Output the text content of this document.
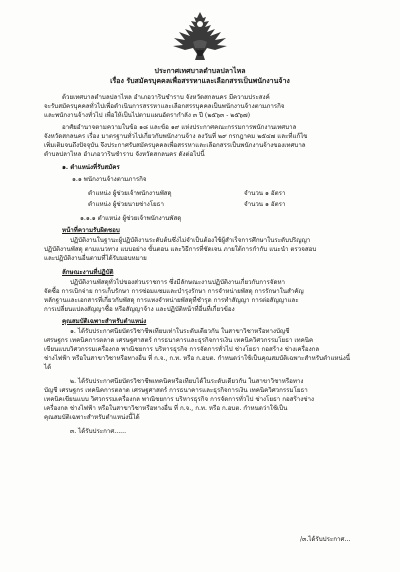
ประกาศเทศบาลตำบลปลาไหล
เรื่อง รับสมัครบุคคลเพื่อสรรหาและเลือกสรรเป็นพนักงานจ้าง
ด้วยเทศบาลตำบลปลาไหล อำเภอวารินชำราบ จังหวัดสกลนคร มีความประสงค์
จะรับสมัครบุคคลทั่วไปเพื่อดำเนินการสรรหาและเลือกสรรบุคคลเป็นพนักงานจ้างตามภารกิจ
และพนักงานจ้างทั่วไป เพื่อให้เป็นไปตามแผนอัตรากำลัง ๓ ปี (๒๕๖๓ - ๒๕๖๗)
อาศัยอำนาจตามความในข้อ ๑๘ และข้อ ๑๙ แห่งประกาศคณะกรรมการพนักงานเทศบาล
จังหวัดสกลนคร เรื่อง มาตรฐานทั่วไปเกี่ยวกับพนักงานจ้าง ลงวันที่ ๒๙ กรกฎาคม ๒๕๔๗ และที่แก้ไข
เพิ่มเติมจนถึงปัจจุบัน จึงประกาศรับสมัครบุคคลเพื่อสรรหาและเลือกสรรเป็นพนักงานจ้างของเทศบาล
ตำบลปลาไหล อำเภอวารินชำราบ จังหวัดสกลนคร ดังต่อไปนี้
๑. ตำแหน่งที่รับสมัคร
๑.๑ พนักงานจ้างตามภารกิจ
ตำแหน่ง ผู้ช่วยเจ้าพนักงานพัสดุ	จำนวน ๑ อัตรา
ตำแหน่ง ผู้ช่วยนายช่างโยธา	จำนวน ๑ อัตรา
๑.๑.๑ ตำแหน่ง ผู้ช่วยเจ้าพนักงานพัสดุ
หน้าที่ความรับผิดชอบ
ปฏิบัติงานในฐานะผู้ปฏิบัติงานระดับต้นซึ่งไม่จำเป็นต้องใช้ผู้สำเร็จการศึกษาในระดับปริญญา
ปฏิบัติงานพัสดุ ตามแนวทาง แบบอย่าง ขั้นตอน และวิธีการที่ชัดเจน ภายใต้การกำกับ แนะนำ ตรวจสอบ
และปฏิบัติงานอื่นตามที่ได้รับมอบหมาย
ลักษณะงานที่ปฏิบัติ
ปฏิบัติงานพัสดุทั่วไปของส่วนราชการ ซึ่งมีลักษณะงานปฏิบัติงานเกี่ยวกับการจัดหา
จัดซื้อ การเบิกจ่าย การเก็บรักษา การซ่อมแซมและบำรุงรักษา การจำหน่ายพัสดุ การรักษาในสำคัญ
หลักฐานและเอกสารที่เกี่ยวกับพัสดุ การแทงจำหน่ายพัสดุที่ชำรุด การทำสัญญา การต่อสัญญาและ
การเปลี่ยนแปลงสัญญาซื้อ หรือสัญญาจ้าง และปฏิบัติหน้าที่อื่นที่เกี่ยวข้อง
คุณสมบัติเฉพาะสำหรับตำแหน่ง
๑. ได้รับประกาศนียบัตรวิชาชีพเทียบเท่าในระดับเดียวกัน ในสาขาวิชาหรือทางบัญชี
เศรษฐกร เทคนิคการตลาด เศรษฐศาสตร์ การธนาคารและธุรกิจการเงิน เทคนิควิศวกรรมโยธา เทคนิค
เขียนแบบวิศวกรรมเครื่องกล พาณิชยการ บริหารธุรกิจ การจัดการทั่วไป ช่างโยธา กอสร้าง ช่างเครื่องกล
ช่างไฟฟ้า หรือในสาขาวิชาหรือทางอื่น ที่ ก.จ., ก.ท. หรือ ก.อบต. กำหนดว่าใช้เป็นคุณสมบัติเฉพาะสำหรับตำแหน่งนี้
ได้
๒. ได้รับประกาศนียบัตรวิชาชีพเทคนิคหรือเทียบได้ในระดับเดียวกัน ในสาขาวิชาหรือทาง
บัญชี เศรษฐกร เทคนิคการตลาด เศรษฐศาสตร์ การธนาคารและธุรกิจการเงิน เทคนิควิศวกรรมโยธา
เทคนิคเขียนแบบ วิศวกรรมเครื่องกล พาณิชยการ บริหารธุรกิจ การจัดการทั่วไป ช่างโยธา กอสร้างช่าง
เครื่องกล ช่างไฟฟ้า หรือในสาขาวิชาหรือทางอื่น ที่ ก.จ., ก.ท. หรือ ก.อบต. กำหนดว่าใช้เป็น
คุณสมบัติเฉพาะสำหรับตำแหน่งนี้ได้
๓. ได้รับประกาศ......
/๓.ได้รับประกาศ...
